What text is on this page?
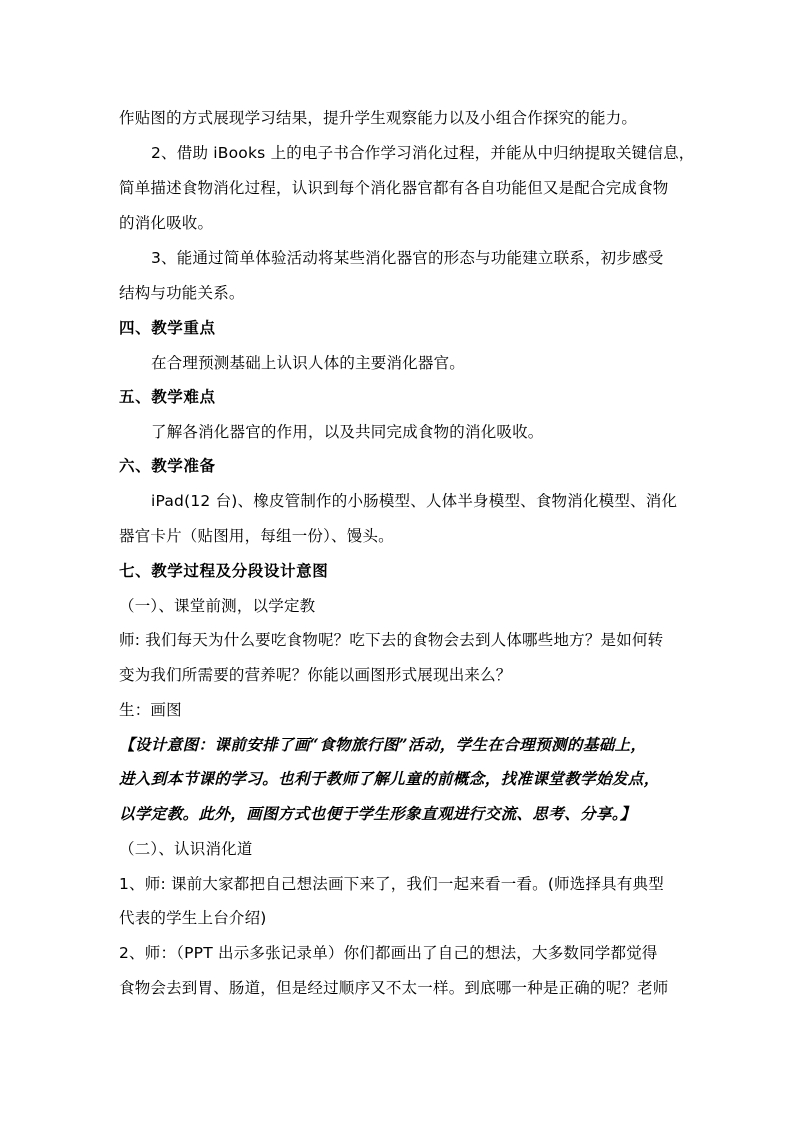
作贴图的方式展现学习结果，提升学生观察能力以及小组合作探究的能力。
2、借助 iBooks 上的电子书合作学习消化过程，并能从中归纳提取关键信息，
简单描述食物消化过程，认识到每个消化器官都有各自功能但又是配合完成食物
的消化吸收。
3、能通过简单体验活动将某些消化器官的形态与功能建立联系，初步感受
结构与功能关系。
四、教学重点
在合理预测基础上认识人体的主要消化器官。
五、教学难点
了解各消化器官的作用，以及共同完成食物的消化吸收。
六、教学准备
iPad(12 台)、橡皮管制作的小肠模型、人体半身模型、食物消化模型、消化
器官卡片（贴图用，每组一份）、馒头。
七、教学过程及分段设计意图
（一）、课堂前测，以学定教
师: 我们每天为什么要吃食物呢？吃下去的食物会去到人体哪些地方？是如何转
变为我们所需要的营养呢？你能以画图形式展现出来么？
生：画图
【设计意图：课前安排了画“食物旅行图”活动，学生在合理预测的基础上，
进入到本节课的学习。也利于教师了解儿童的前概念，找准课堂教学始发点，
以学定教。此外，画图方式也便于学生形象直观进行交流、思考、分享。】
（二）、认识消化道
1、师: 课前大家都把自己想法画下来了，我们一起来看一看。(师选择具有典型
代表的学生上台介绍)
2、师：（PPT 出示多张记录单）你们都画出了自己的想法，大多数同学都觉得
食物会去到胃、肠道，但是经过顺序又不太一样。到底哪一种是正确的呢？老师
